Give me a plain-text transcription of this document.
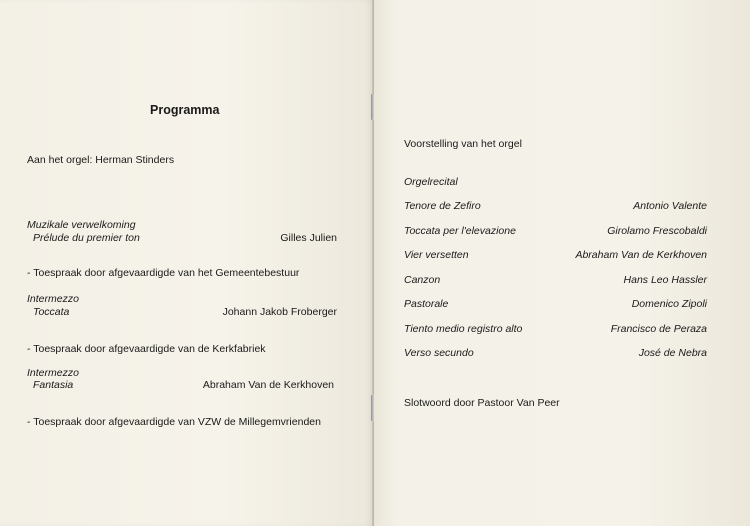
Programma
Aan het orgel: Herman Stinders
Muzikale verwelkoming
Prélude du premier ton	Gilles Julien
- Toespraak door afgevaardigde van het Gemeentebestuur
Intermezzo
Toccata	Johann Jakob Froberger
- Toespraak door afgevaardigde van de Kerkfabriek
Intermezzo
Fantasia	Abraham Van de Kerkhoven
- Toespraak door afgevaardigde van VZW de Millegemvrienden
Voorstelling van het orgel
Orgelrecital
Tenore de Zefiro	Antonio Valente
Toccata per l'elevazione	Girolamo Frescobaldi
Vier versetten	Abraham Van de Kerkhoven
Canzon	Hans Leo Hassler
Pastorale	Domenico Zipoli
Tiento medio registro alto	Francisco de Peraza
Verso secundo	José de Nebra
Slotwoord door Pastoor Van Peer
